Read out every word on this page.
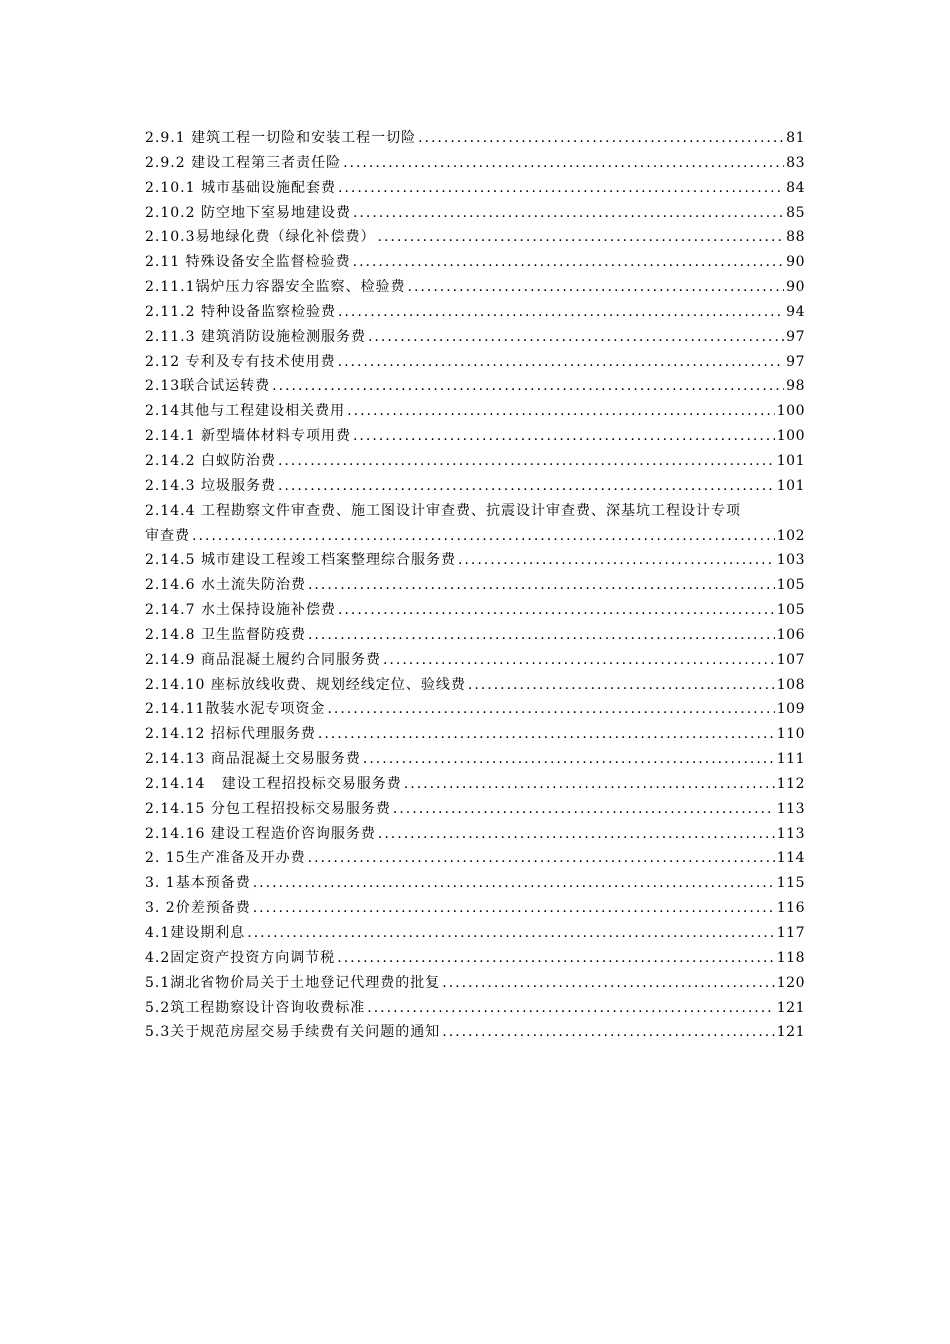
2.9.1 建筑工程一切险和安装工程一切险 .....	81
2.9.2 建设工程第三者责任险 .....	83
2.10.1 城市基础设施配套费 .....	84
2.10.2 防空地下室易地建设费 .....	85
2.10.3易地绿化费（绿化补偿费） .....	88
2.11 特殊设备安全监督检验费 .....	90
2.11.1锅炉压力容器安全监察、检验费 .....	90
2.11.2 特种设备监察检验费 .....	94
2.11.3 建筑消防设施检测服务费 .....	97
2.12 专利及专有技术使用费 .....	97
2.13联合试运转费 .....	98
2.14其他与工程建设相关费用 .....	100
2.14.1 新型墙体材料专项用费 .....	100
2.14.2 白蚁防治费 .....	101
2.14.3 垃圾服务费 .....	101
2.14.4 工程勘察文件审查费、施工图设计审查费、抗震设计审查费、深基坑工程设计专项
审查费 .....	102
2.14.5 城市建设工程竣工档案整理综合服务费 .....	103
2.14.6 水土流失防治费 .....	105
2.14.7 水土保持设施补偿费 .....	105
2.14.8 卫生监督防疫费 .....	106
2.14.9 商品混凝土履约合同服务费 .....	107
2.14.10 座标放线收费、规划经线定位、验线费 .....	108
2.14.11散装水泥专项资金 .....	109
2.14.12 招标代理服务费 .....	110
2.14.13 商品混凝土交易服务费 .....	111
2.14.14   建设工程招投标交易服务费 .....	112
2.14.15 分包工程招投标交易服务费 .....	113
2.14.16 建设工程造价咨询服务费 .....	113
2. 15生产准备及开办费 .....	114
3. 1基本预备费 .....	115
3. 2价差预备费 .....	116
4.1建设期利息 .....	117
4.2固定资产投资方向调节税 .....	118
5.1湖北省物价局关于土地登记代理费的批复 .....	120
5.2筑工程勘察设计咨询收费标准 .....	121
5.3关于规范房屋交易手续费有关问题的通知 .....	121
